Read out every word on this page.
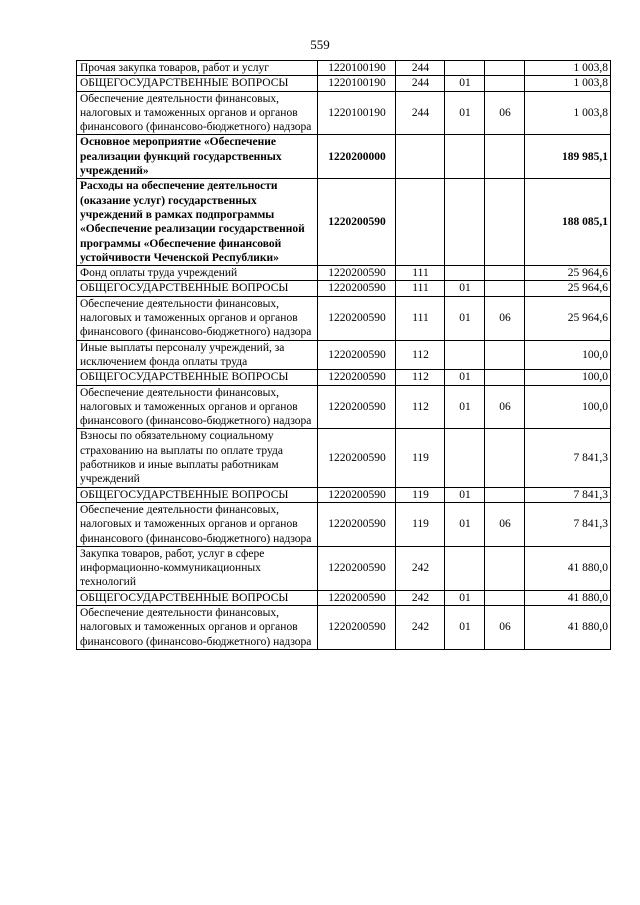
559
Прочая закупка товаров, работ и услуг	1220100190	244			1 003,8
ОБЩЕГОСУДАРСТВЕННЫЕ ВОПРОСЫ	1220100190	244	01		1 003,8
Обеспечение деятельности финансовых, налоговых и таможенных органов и органов финансового (финансово-бюджетного) надзора	1220100190	244	01	06	1 003,8
Основное мероприятие «Обеспечение реализации функций государственных учреждений»	1220200000				189 985,1
Расходы на обеспечение деятельности (оказание услуг) государственных учреждений в рамках подпрограммы «Обеспечение реализации государственной программы «Обеспечение финансовой устойчивости Чеченской Республики»	1220200590				188 085,1
Фонд оплаты труда учреждений	1220200590	111			25 964,6
ОБЩЕГОСУДАРСТВЕННЫЕ ВОПРОСЫ	1220200590	111	01		25 964,6
Обеспечение деятельности финансовых, налоговых и таможенных органов и органов финансового (финансово-бюджетного) надзора	1220200590	111	01	06	25 964,6
Иные выплаты персоналу учреждений, за исключением фонда оплаты труда	1220200590	112			100,0
ОБЩЕГОСУДАРСТВЕННЫЕ ВОПРОСЫ	1220200590	112	01		100,0
Обеспечение деятельности финансовых, налоговых и таможенных органов и органов финансового (финансово-бюджетного) надзора	1220200590	112	01	06	100,0
Взносы по обязательному социальному страхованию на выплаты по оплате труда работников и иные выплаты работникам учреждений	1220200590	119			7 841,3
ОБЩЕГОСУДАРСТВЕННЫЕ ВОПРОСЫ	1220200590	119	01		7 841,3
Обеспечение деятельности финансовых, налоговых и таможенных органов и органов финансового (финансово-бюджетного) надзора	1220200590	119	01	06	7 841,3
Закупка товаров, работ, услуг в сфере информационно-коммуникационных технологий	1220200590	242			41 880,0
ОБЩЕГОСУДАРСТВЕННЫЕ ВОПРОСЫ	1220200590	242	01		41 880,0
Обеспечение деятельности финансовых, налоговых и таможенных органов и органов финансового (финансово-бюджетного) надзора	1220200590	242	01	06	41 880,0
